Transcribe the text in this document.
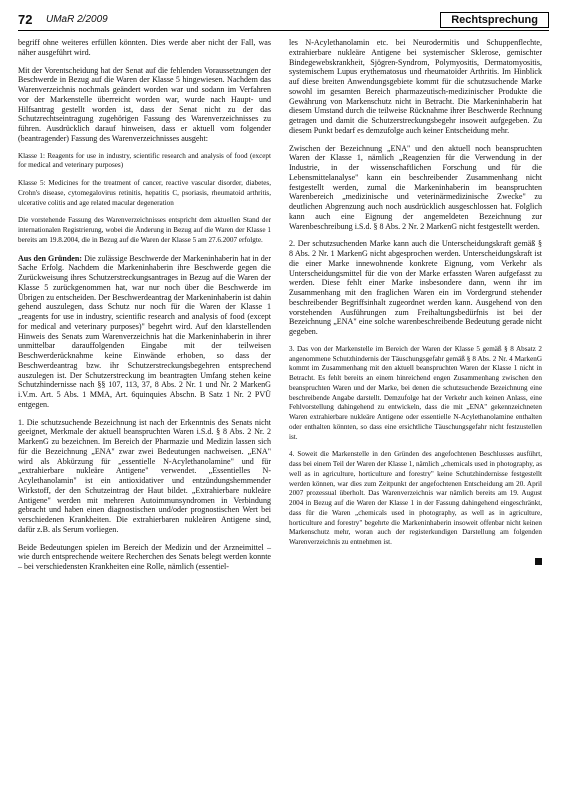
72 UMaR 2/2009	Rechtsprechung

begriff ohne weiteres erfüllen könnten. Dies werde aber nicht der Fall, was näher ausgeführt wird.

Mit der Vorentscheidung hat der Senat auf die fehlenden Voraussetzungen der Beschwerde in Bezug auf die Waren der Klasse 5 hingewiesen. Nachdem das Warenverzeichnis nochmals geändert worden war und sodann im Verfahren vor der Markenstelle überreicht worden war, wurde nach Haupt- und Hilfsantrag gestellt worden ist, dass der Senat nicht zu der das Schutzrechtseintragung zugehörigen Fassung des Warenverzeichnisses zu führen. Ausdrücklich darauf hinweisen, dass er aktuell vom folgender (beantragender) Fassung des Warenverzeichnisses ausgeht:

Klasse 1: Reagents for use in industry, scientific research and analysis of food (except for medical and veterinary purposes)

Klasse 5: Medicines for the treatment of cancer, reactive vascular disorder, diabetes, Crohn's disease, cytomegalovirus retinitis, hepatitis C, psoriasis, rheumatoid arthritis, ulcerative colitis and age related macular degeneration

Die vorstehende Fassung des Warenverzeichnisses entspricht dem aktuellen Stand der internationalen Registrierung, wobei die Änderung in Bezug auf die Waren der Klasse 1 bereits am 19.8.2004, die in Bezug auf die Waren der Klasse 5 am 27.6.2007 erfolgte.

Aus den Gründen: Die zulässige Beschwerde der Markeninhaberin hat in der Sache Erfolg. Nachdem die Markeninhaberin ihre Beschwerde gegen die Zurückweisung ihres Schutzerstreckungsantrages in Bezug auf die Waren der Klasse 5 zurückgenommen hat, war nur noch über die Beschwerde im Übrigen zu entscheiden. Der Beschwerdeantrag der Markeninhaberin ist dahin gehend auszulegen, dass Schutz nur noch für die Waren der Klasse 1 „reagents for use in industry, scientific research and analysis of food (except for medical and veterinary purposes)" begehrt wird. Auf den klarstellenden Hinweis des Senats zum Warenverzeichnis hat die Markeninhaberin in ihrer unmittelbar darauffolgenden Eingabe mit der teilweisen Beschwerderücknahme keine Einwände erhoben, so dass der Beschwerdeantrag bzw. ihr Schutzerstreckungsbegehren entsprechend auszulegen ist. Der Schutzerstreckung im beantragten Umfang stehen keine Schutzhindernisse nach §§ 107, 113, 37, 8 Abs. 2 Nr. 1 und Nr. 2 MarkenG i.V.m. Art. 5 Abs. 1 MMA, Art. 6quinquies Abschn. B Satz 1 Nr. 2 PVÜ entgegen.

1. Die schutzsuchende Bezeichnung ist nach der Erkenntnis des Senats nicht geeignet, Merkmale der aktuell beanspruchten Waren i.S.d. § 8 Abs. 2 Nr. 2 MarkenG zu bezeichnen. Im Bereich der Pharmazie und Medizin lassen sich für die Bezeichnung „ENA" zwar zwei Bedeutungen nachweisen. „ENA" wird als Abkürzung für „essentielle N-Acylethanolamine" und für „extrahierbare nukleäre Antigene" verwendet. „Essentielles N-Acylethanolamin" ist ein antioxidativer und entzündungshemmender Wirkstoff, der den Schutzeintrag der Haut bildet. „Extrahierbare nukleäre Antigene" werden mit mehreren Autoimmunsyndromen in Verbindung gebracht und haben einen diagnostischen und/oder prognostischen Wert bei verschiedenen Krankheiten. Die extrahierbaren nukleären Antigene sind, dafür z.B. als Serum vorliegen.

Beide Bedeutungen spielen im Bereich der Medizin und der Arzneimittel – wie durch entsprechende weitere Recherchen des Senats belegt werden konnte – bei verschiedensten Krankheiten eine Rolle, nämlich (essentiel-

les N-Acylethanolamin etc. bei Neurodermitis und Schuppenflechte, extrahierbare nukleäre Antigene bei systemischer Sklerose, gemischter Bindegewebskrankheit, Sjögren-Syndrom, Polymyositis, Dermatomyositis, systemischem Lupus erythematosus und rheumatoider Arthritis. Im Hinblick auf diese breiten Anwendungsgebiete kommt für die schutzsuchende Marke sowohl im gesamten Bereich pharmazeutisch-medizinischer Produkte die Gewährung von Markenschutz nicht in Betracht. Die Markeninhaberin hat diesem Umstand durch die teilweise Rücknahme ihrer Beschwerde Rechnung getragen und damit die Schutzerstreckungsbegehr insoweit aufgegeben. Zu diesem Punkt bedarf es demzufolge auch keiner Entscheidung mehr.

Zwischen der Bezeichnung „ENA" und den aktuell noch beanspruchten Waren der Klasse 1, nämlich „Reagenzien für die Verwendung in der Industrie, in der wissenschaftlichen Forschung und für die Lebensmittelanalyse" kann ein beschreibender Zusammenhang nicht festgestellt werden, zumal die Markeninhaberin im beanspruchten Warenbereich „medizinische und veterinärmedizinische Zwecke" zu deutlichen Abgrenzung auch noch ausdrücklich ausgeschlossen hat. Folglich kann auch eine Eignung der angemeldeten Bezeichnung zur Warenbeschreibung i.S.d. § 8 Abs. 2 Nr. 2 MarkenG nicht festgestellt werden.

2. Der schutzsuchenden Marke kann auch die Unterscheidungskraft gemäß § 8 Abs. 2 Nr. 1 MarkenG nicht abgesprochen werden. Unterscheidungskraft ist die einer Marke innewohnende konkrete Eignung, vom Verkehr als Unterscheidungsmittel für die von der Marke erfassten Waren aufgefasst zu werden. Diese fehlt einer Marke insbesondere dann, wenn ihr im Zusammenhang mit den fraglichen Waren ein im Vordergrund stehender beschreibender Begriffsinhalt zugeordnet werden kann. Ausgehend von den vorstehenden Ausführungen zum Freihaltungsbedürfnis ist bei der Bezeichnung „ENA" eine solche warenbeschreibende Bedeutung gerade nicht gegeben.

3. Das von der Markenstelle im Bereich der Waren der Klasse 5 gemäß § 8 Absatz 2 angenommene Schutzhindernis der Täuschungsgefahr gemäß § 8 Abs. 2 Nr. 4 MarkenG kommt im Zusammenhang mit den aktuell beanspruchten Waren der Klasse 1 nicht in Betracht. Es fehlt bereits an einem hinreichend engen Zusammenhang zwischen den beanspruchten Waren und der Marke, bei denen die schutzsuchende Bezeichnung eine beschreibende Angabe darstellt. Demzufolge hat der Verkehr auch keinen Anlass, eine Fehlvorstellung dahingehend zu entwickeln, dass die mit „ENA" gekennzeichneten Waren extrahierbare nukleäre Antigene oder essentielle N-Acylethanolamine enthalten oder enthalten könnten, so dass eine ersichtliche Täuschungsgefahr nicht festzustellen ist.

4. Soweit die Markenstelle in den Gründen des angefochtenen Beschlusses ausführt, dass bei einem Teil der Waren der Klasse 1, nämlich „chemicals used in photography, as well as in agriculture, horticulture and forestry" keine Schutzhindernisse festgestellt werden können, war dies zum Zeitpunkt der angefochtenen Entscheidung am 20. April 2007 prozessual überholt. Das Warenverzeichnis war nämlich bereits am 19. August 2004 in Bezug auf die Waren der Klasse 1 in der Fassung dahingehend eingeschränkt, dass für die Waren „chemicals used in photography, as well as in agriculture, horticulture and forestry" begehrte die Markeninhaberin insoweit offenbar nicht keinen Markenschutz mehr, woran auch der registerkundigen Darstellung am folgenden Warenverzeichnis zu entnehmen ist.
